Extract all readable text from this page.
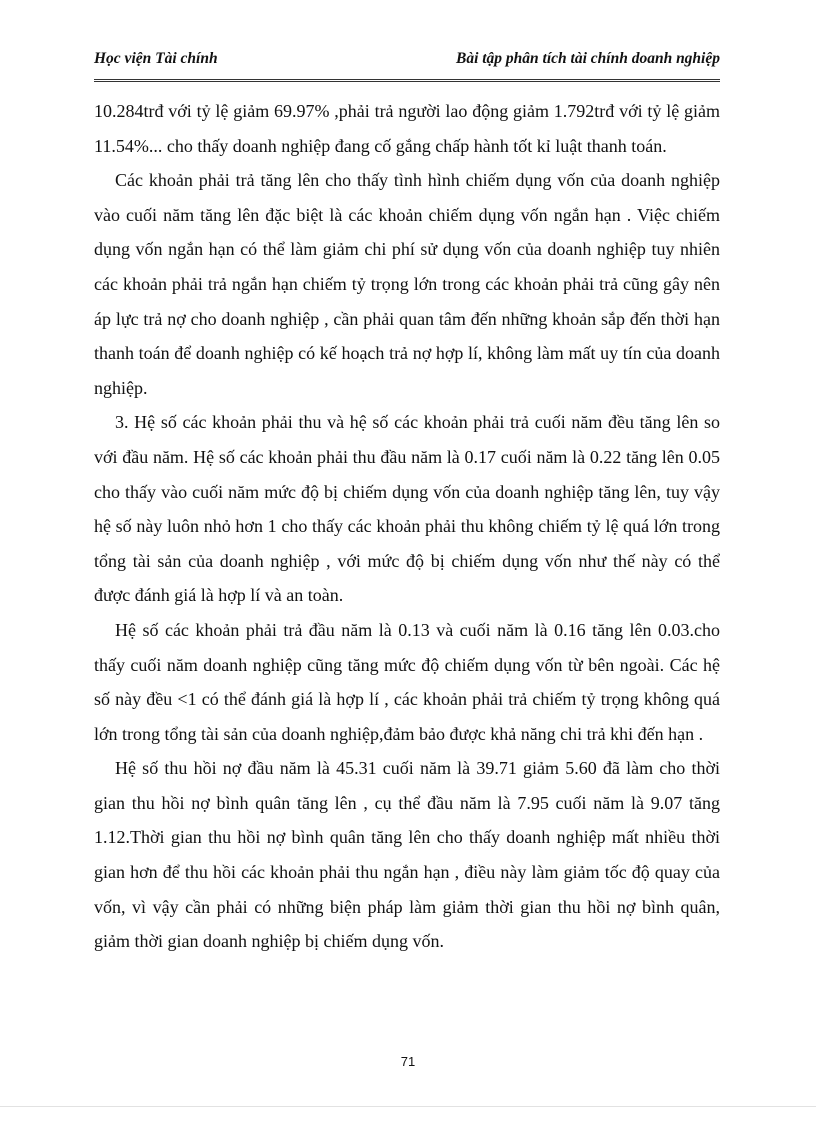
Học viện Tài chính	Bài tập phân tích tài chính doanh nghiệp

10.284trđ với tỷ lệ giảm 69.97% ,phải trả người lao động giảm 1.792trđ với tỷ lệ giảm 11.54%... cho thấy doanh nghiệp đang cố gắng chấp hành tốt kỉ luật thanh toán.

Các khoản phải trả tăng lên cho thấy tình hình chiếm dụng vốn của doanh nghiệp vào cuối năm tăng lên đặc biệt là các khoản chiếm dụng vốn ngắn hạn . Việc chiếm dụng vốn ngắn hạn có thể làm giảm chi phí sử dụng vốn của doanh nghiệp tuy nhiên các khoản phải trả ngắn hạn chiếm tỷ trọng lớn trong các khoản phải trả cũng gây nên áp lực trả nợ cho doanh nghiệp , cần phải quan tâm đến những khoản sắp đến thời hạn thanh toán để doanh nghiệp có kế hoạch trả nợ hợp lí, không làm mất uy tín của doanh nghiệp.

3. Hệ số các khoản phải thu và hệ số các khoản phải trả cuối năm đều tăng lên so với đầu năm. Hệ số các khoản phải thu đầu năm là 0.17 cuối năm là 0.22 tăng lên 0.05 cho thấy vào cuối năm mức độ bị chiếm dụng vốn của doanh nghiệp tăng lên, tuy vậy hệ số này luôn nhỏ hơn 1 cho thấy các khoản phải thu không chiếm tỷ lệ quá lớn trong tổng tài sản của doanh nghiệp , với mức độ bị chiếm dụng vốn như thế này có thể được đánh giá là hợp lí và an toàn.

Hệ số các khoản phải trả đầu năm là 0.13 và cuối năm là 0.16 tăng lên 0.03.cho thấy cuối năm doanh nghiệp cũng tăng mức độ chiếm dụng vốn từ bên ngoài. Các hệ số này đều <1 có thể đánh giá là hợp lí , các khoản phải trả chiếm tỷ trọng không quá lớn trong tổng tài sản của doanh nghiệp,đảm bảo được khả năng chi trả khi đến hạn .

Hệ số thu hồi nợ đầu năm là 45.31 cuối năm là 39.71 giảm 5.60 đã làm cho thời gian thu hồi nợ bình quân tăng lên , cụ thể đầu năm là 7.95 cuối năm là 9.07 tăng 1.12.Thời gian thu hồi nợ bình quân tăng lên cho thấy doanh nghiệp mất nhiều thời gian hơn để thu hồi các khoản phải thu ngắn hạn , điều này làm giảm tốc độ quay của vốn, vì vậy cần phải có những biện pháp làm giảm thời gian thu hồi nợ bình quân, giảm thời gian doanh nghiệp bị chiếm dụng vốn.

71
